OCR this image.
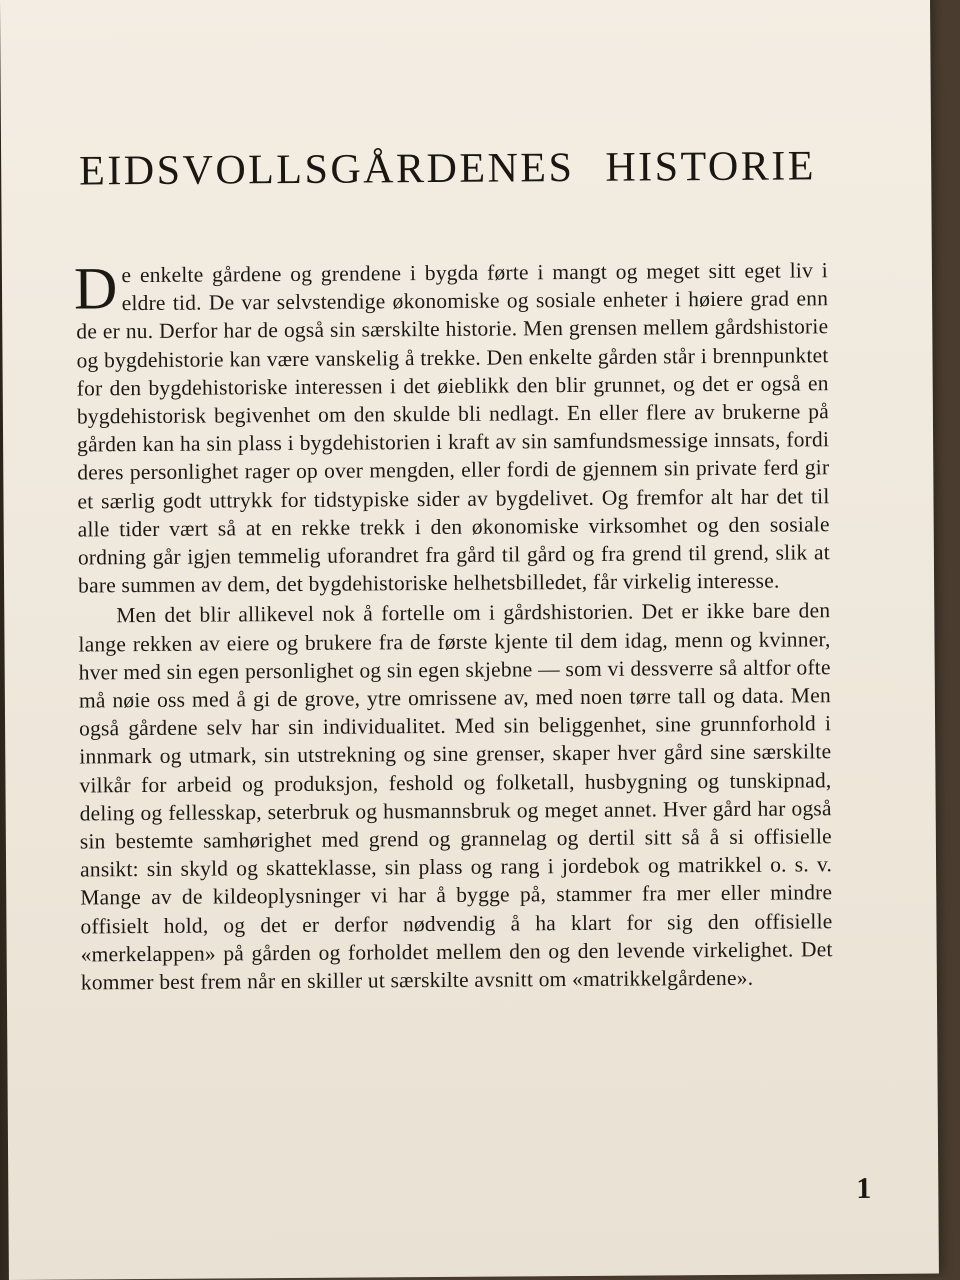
EIDSVOLLSGÅRDENES HISTORIE

De enkelte gårdene og grendene i bygda førte i mangt og meget sitt eget liv i eldre tid. De var selvstendige økonomiske og sosiale enheter i høiere grad enn de er nu. Derfor har de også sin særskilte historie. Men grensen mellem gårdshistorie og bygdehistorie kan være vanskelig å trekke. Den enkelte gården står i brennpunktet for den bygdehistoriske interessen i det øieblikk den blir grunnet, og det er også en bygdehistorisk begivenhet om den skulde bli nedlagt. En eller flere av brukerne på gården kan ha sin plass i bygdehistorien i kraft av sin samfundsmessige innsats, fordi deres personlighet rager op over mengden, eller fordi de gjennem sin private ferd gir et særlig godt uttrykk for tidstypiske sider av bygdelivet. Og fremfor alt har det til alle tider vært så at en rekke trekk i den økonomiske virksomhet og den sosiale ordning går igjen temmelig uforandret fra gård til gård og fra grend til grend, slik at bare summen av dem, det bygdehistoriske helhetsbilledet, får virkelig interesse.

Men det blir allikevel nok å fortelle om i gårdshistorien. Det er ikke bare den lange rekken av eiere og brukere fra de første kjente til dem idag, menn og kvinner, hver med sin egen personlighet og sin egen skjebne — som vi dessverre så altfor ofte må nøie oss med å gi de grove, ytre omrissene av, med noen tørre tall og data. Men også gårdene selv har sin individualitet. Med sin beliggenhet, sine grunnforhold i innmark og utmark, sin utstrekning og sine grenser, skaper hver gård sine særskilte vilkår for arbeid og produksjon, feshold og folketall, husbygning og tunskipnad, deling og fellesskap, seterbruk og husmannsbruk og meget annet. Hver gård har også sin bestemte samhørighet med grend og grannelag og dertil sitt så å si offisielle ansikt: sin skyld og skatteklasse, sin plass og rang i jordebok og matrikkel o. s. v. Mange av de kildeoplysninger vi har å bygge på, stammer fra mer eller mindre offisielt hold, og det er derfor nødvendig å ha klart for sig den offisielle «merkelappen» på gården og forholdet mellem den og den levende virkelighet. Det kommer best frem når en skiller ut særskilte avsnitt om «matrikkelgårdene».

1
